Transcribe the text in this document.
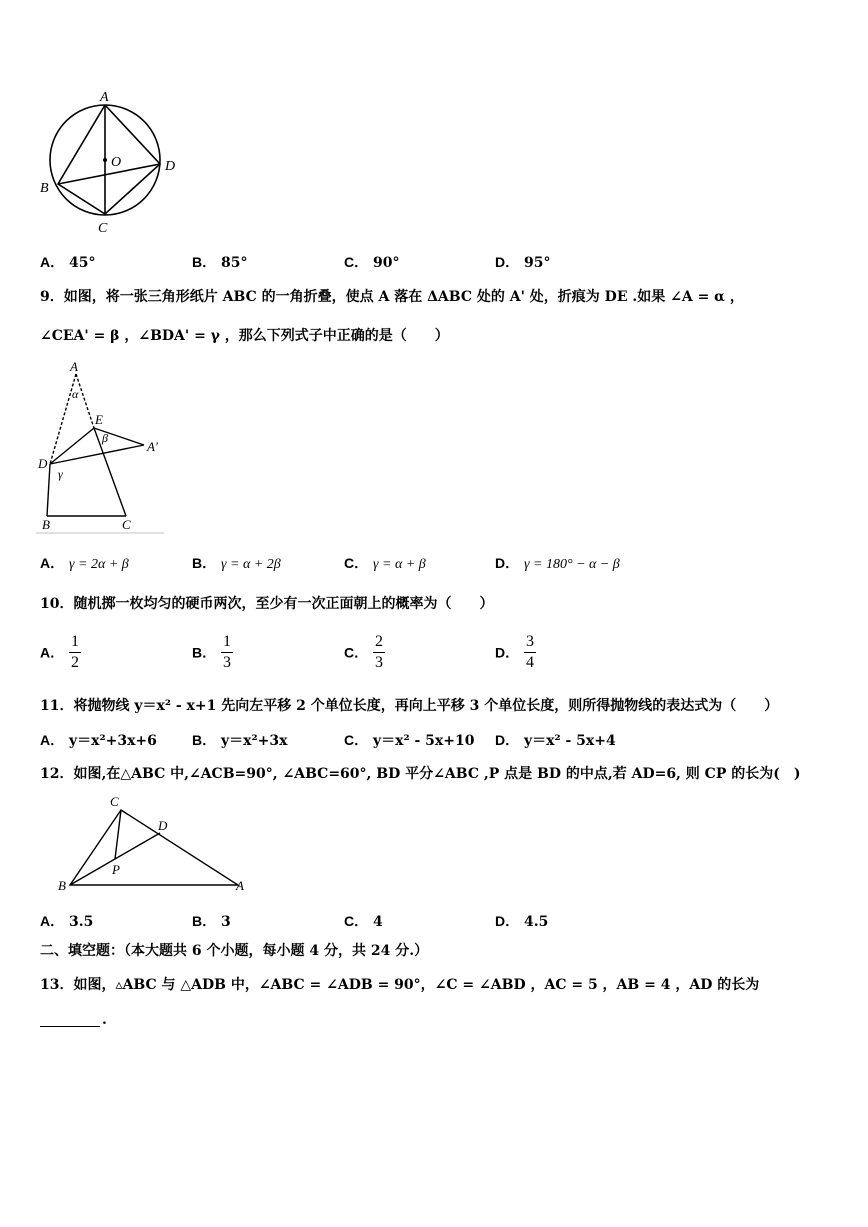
A
O
B
D
C
A． 45°	B． 85°	C． 90°	D． 95°
9．如图，将一张三角形纸片 ABC 的一角折叠，使点 A 落在 ΔABC 处的 A' 处，折痕为 DE .如果 ∠A = α ，
∠CEA' = β ，∠BDA' = γ ，那么下列式子中正确的是（　　）
A
α
E
β
A'
D
γ
B	C
A． γ = 2α + β	B． γ = α + 2β	C． γ = α + β	D． γ = 180° − α − β
10．随机掷一枚均匀的硬币两次，至少有一次正面朝上的概率为（　　）
A． $\frac{1}{2}$	B． $\frac{1}{3}$	C． $\frac{2}{3}$	D． $\frac{3}{4}$
11．将抛物线 y＝x² - x+1 先向左平移 2 个单位长度，再向上平移 3 个单位长度，则所得抛物线的表达式为（　　）
A． y＝x²+3x+6	B． y＝x²+3x	C． y＝x² - 5x+10 D． y＝x² - 5x+4
12．如图,在△ABC 中,∠ACB=90°, ∠ABC=60°, BD 平分∠ABC ,P 点是 BD 的中点,若 AD=6, 则 CP 的长为(　)
C
D
P
B	A
A． 3.5	B． 3	C． 4	D． 4.5
二、填空题：（本大题共 6 个小题，每小题 4 分，共 24 分.）
13．如图，▵ABC 与 △ADB 中，∠ABC = ∠ADB = 90°，∠C = ∠ABD ，AC = 5 ，AB = 4 ，AD 的长为
.
